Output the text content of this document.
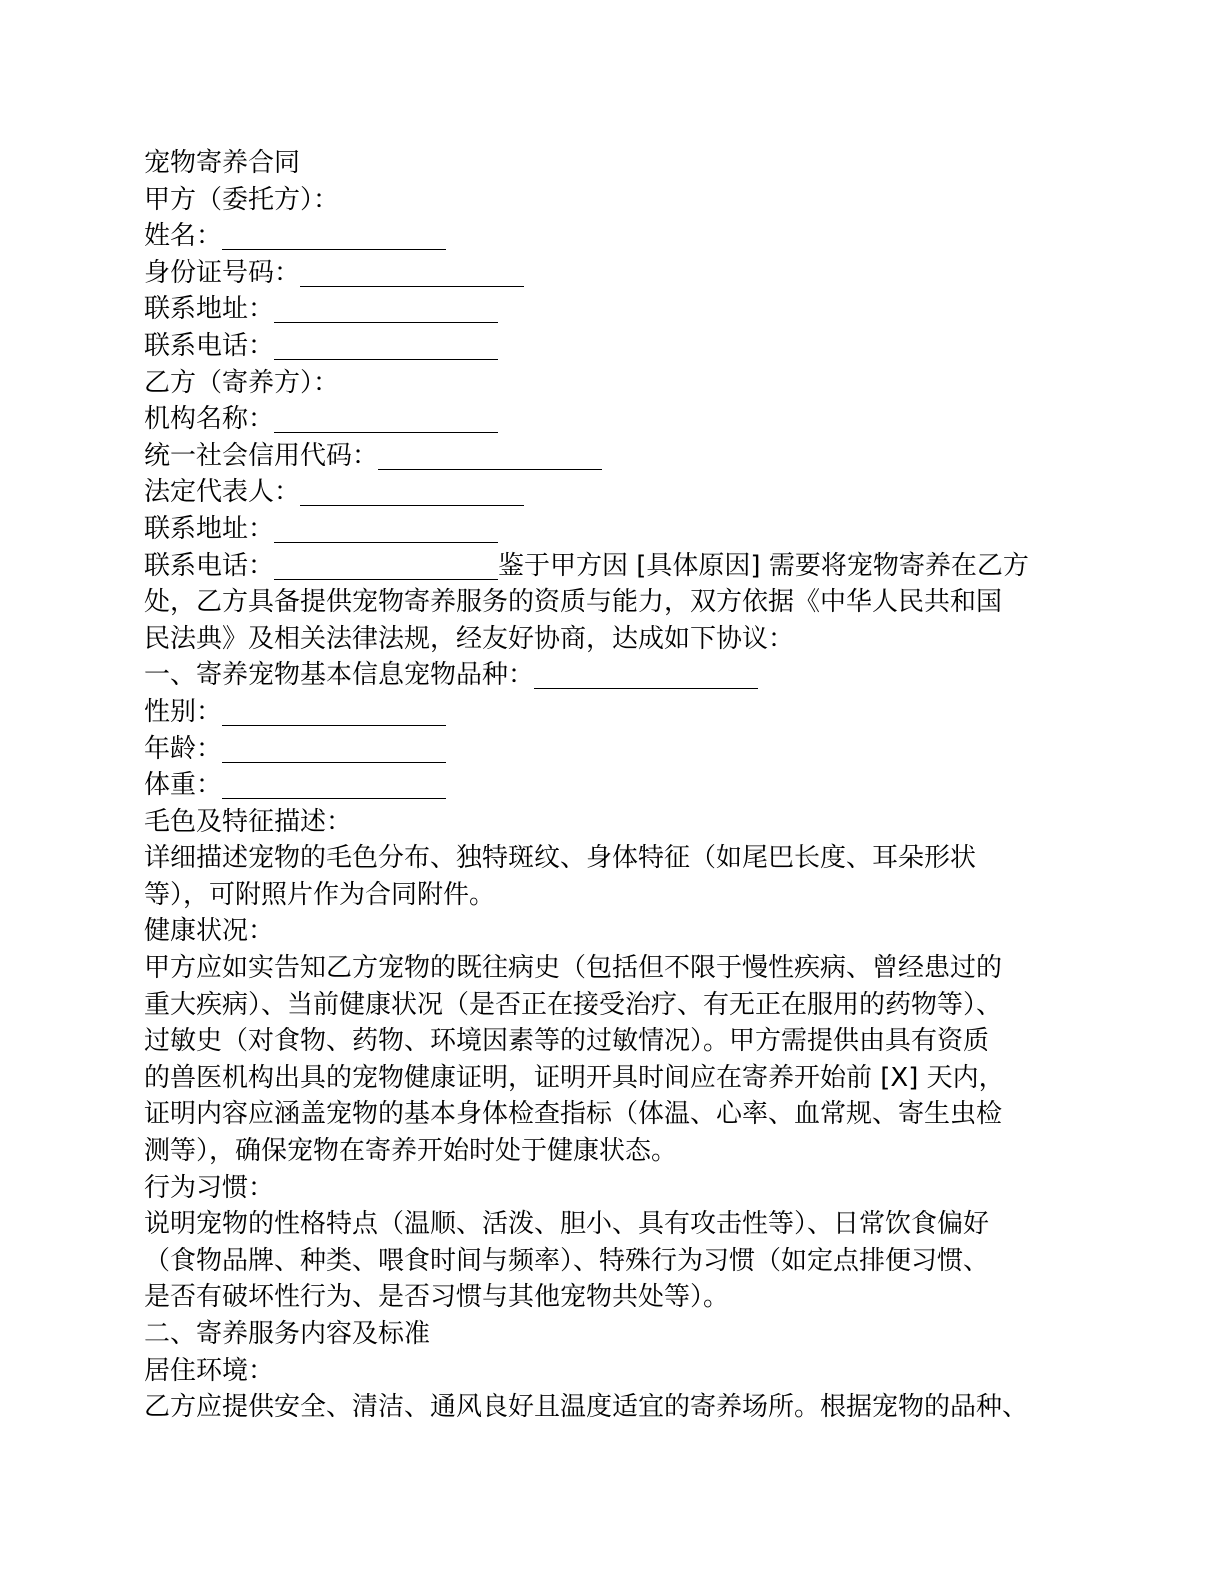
宠物寄养合同
甲方（委托方）：
姓名：
身份证号码：
联系地址：
联系电话：
乙方（寄养方）：
机构名称：
统一社会信用代码：
法定代表人：
联系地址：
联系电话：	鉴于甲方因 [具体原因] 需要将宠物寄养在乙方
处，乙方具备提供宠物寄养服务的资质与能力，双方依据《中华人民共和国
民法典》及相关法律法规，经友好协商，达成如下协议：
一、寄养宠物基本信息宠物品种：
性别：
年龄：
体重：
毛色及特征描述：
详细描述宠物的毛色分布、独特斑纹、身体特征（如尾巴长度、耳朵形状
等），可附照片作为合同附件。
健康状况：
甲方应如实告知乙方宠物的既往病史（包括但不限于慢性疾病、曾经患过的
重大疾病）、当前健康状况（是否正在接受治疗、有无正在服用的药物等）、
过敏史（对食物、药物、环境因素等的过敏情况）。甲方需提供由具有资质
的兽医机构出具的宠物健康证明，证明开具时间应在寄养开始前 [X] 天内，
证明内容应涵盖宠物的基本身体检查指标（体温、心率、血常规、寄生虫检
测等），确保宠物在寄养开始时处于健康状态。
行为习惯：
说明宠物的性格特点（温顺、活泼、胆小、具有攻击性等）、日常饮食偏好
（食物品牌、种类、喂食时间与频率）、特殊行为习惯（如定点排便习惯、
是否有破坏性行为、是否习惯与其他宠物共处等）。
二、寄养服务内容及标准
居住环境：
乙方应提供安全、清洁、通风良好且温度适宜的寄养场所。根据宠物的品种、
